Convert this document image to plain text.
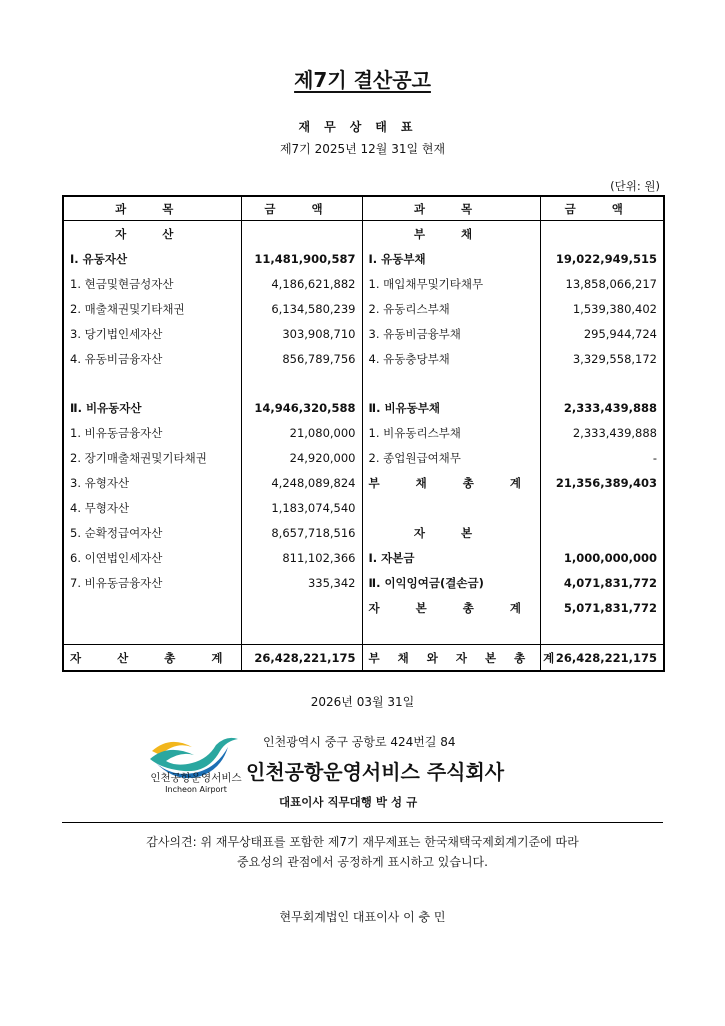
제7기 결산공고
재무상태표
제7기 2025년 12월 31일 현재
(단위: 원)
과 목	금 액	과 목	금 액
자 산		부 채	
Ⅰ. 유동자산	11,481,900,587	Ⅰ. 유동부채	19,022,949,515
1. 현금및현금성자산	4,186,621,882	1. 매입채무및기타채무	13,858,066,217
2. 매출채권및기타채권	6,134,580,239	2. 유동리스부채	1,539,380,402
3. 당기법인세자산	303,908,710	3. 유동비금융부채	295,944,724
4. 유동비금융자산	856,789,756	4. 유동충당부채	3,329,558,172

Ⅱ. 비유동자산	14,946,320,588	Ⅱ. 비유동부채	2,333,439,888
1. 비유동금융자산	21,080,000	1. 비유동리스부채	2,333,439,888
2. 장기매출채권및기타채권	24,920,000	2. 종업원급여채무	-
3. 유형자산	4,248,089,824	부 채 총 계	21,356,389,403
4. 무형자산	1,183,074,540		
5. 순확정급여자산	8,657,718,516	자 본	
6. 이연법인세자산	811,102,366	Ⅰ. 자본금	1,000,000,000
7. 비유동금융자산	335,342	Ⅱ. 이익잉여금(결손금)	4,071,831,772
		자 본 총 계	5,071,831,772

자 산 총 계	26,428,221,175	부 채 와 자 본 총 계	26,428,221,175
2026년 03월 31일
인천공항운영서비스
Incheon Airport
인천광역시 중구 공항로 424번길 84
인천공항운영서비스 주식회사
대표이사 직무대행 박 성 규
감사의견: 위 재무상태표를 포함한 제7기 재무제표는 한국채택국제회계기준에 따라
중요성의 관점에서 공정하게 표시하고 있습니다.
현무회계법인 대표이사 이 충 민
